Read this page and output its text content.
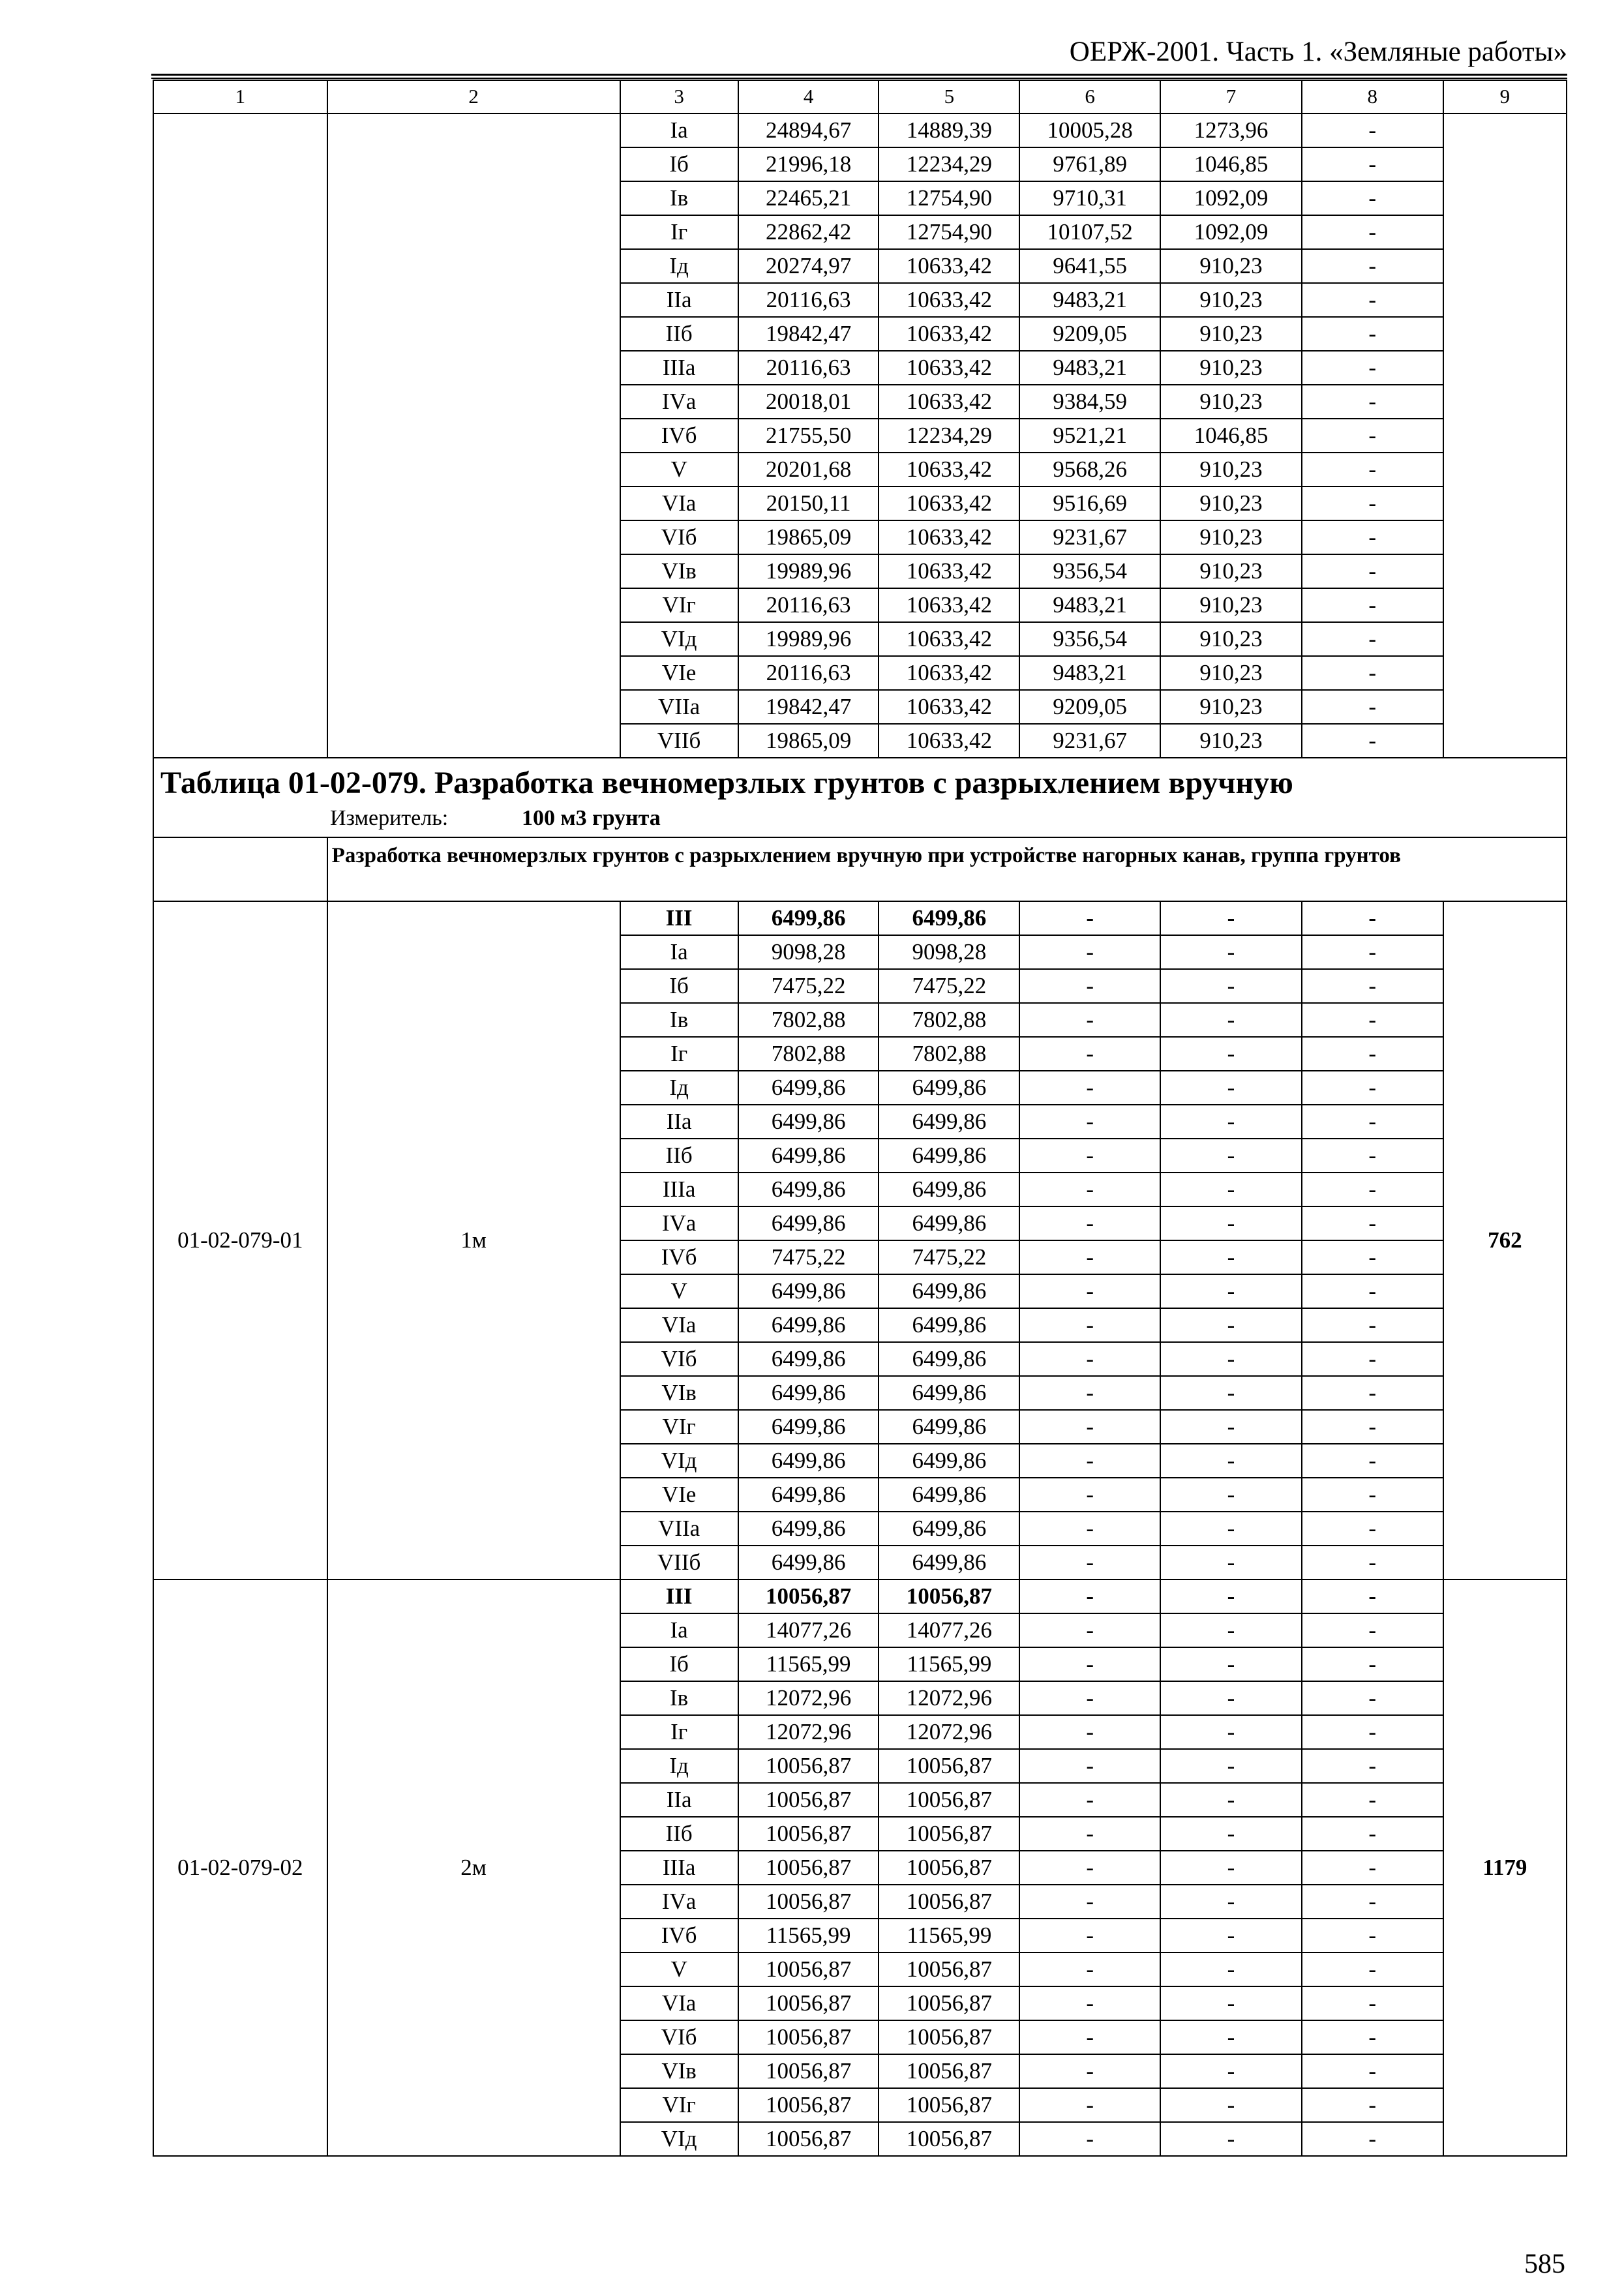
ОЕРЖ-2001. Часть 1. «Земляные работы»
1	2	3	4	5	6	7	8	9
		Iа	24894,67	14889,39	10005,28	1273,96	-	
		Iб	21996,18	12234,29	9761,89	1046,85	-	
		Iв	22465,21	12754,90	9710,31	1092,09	-	
		Iг	22862,42	12754,90	10107,52	1092,09	-	
		Iд	20274,97	10633,42	9641,55	910,23	-	
		IIа	20116,63	10633,42	9483,21	910,23	-	
		IIб	19842,47	10633,42	9209,05	910,23	-	
		IIIа	20116,63	10633,42	9483,21	910,23	-	
		IVа	20018,01	10633,42	9384,59	910,23	-	
		IVб	21755,50	12234,29	9521,21	1046,85	-	
		V	20201,68	10633,42	9568,26	910,23	-	
		VIа	20150,11	10633,42	9516,69	910,23	-	
		VIб	19865,09	10633,42	9231,67	910,23	-	
		VIв	19989,96	10633,42	9356,54	910,23	-	
		VIг	20116,63	10633,42	9483,21	910,23	-	
		VIд	19989,96	10633,42	9356,54	910,23	-	
		VIе	20116,63	10633,42	9483,21	910,23	-	
		VIIа	19842,47	10633,42	9209,05	910,23	-	
		VIIб	19865,09	10633,42	9231,67	910,23	-	

Таблица 01-02-079. Разработка вечномерзлых грунтов с разрыхлением вручную
Измеритель: 100 м3 грунта								

	Разработка вечномерзлых грунтов с разрыхлением вручную при устройстве нагорных канав, группа грунтов							

01-02-079-01	1м	III	6499,86	6499,86	-	-	-	762
		Iа	9098,28	9098,28	-	-	-	
		Iб	7475,22	7475,22	-	-	-	
		Iв	7802,88	7802,88	-	-	-	
		Iг	7802,88	7802,88	-	-	-	
		Iд	6499,86	6499,86	-	-	-	
		IIа	6499,86	6499,86	-	-	-	
		IIб	6499,86	6499,86	-	-	-	
		IIIа	6499,86	6499,86	-	-	-	
		IVа	6499,86	6499,86	-	-	-	
		IVб	7475,22	7475,22	-	-	-	
		V	6499,86	6499,86	-	-	-	
		VIа	6499,86	6499,86	-	-	-	
		VIб	6499,86	6499,86	-	-	-	
		VIв	6499,86	6499,86	-	-	-	
		VIг	6499,86	6499,86	-	-	-	
		VIд	6499,86	6499,86	-	-	-	
		VIе	6499,86	6499,86	-	-	-	
		VIIа	6499,86	6499,86	-	-	-	
		VIIб	6499,86	6499,86	-	-	-	
01-02-079-02	2м	III	10056,87	10056,87	-	-	-	1179
		Iа	14077,26	14077,26	-	-	-	
		Iб	11565,99	11565,99	-	-	-	
		Iв	12072,96	12072,96	-	-	-	
		Iг	12072,96	12072,96	-	-	-	
		Iд	10056,87	10056,87	-	-	-	
		IIа	10056,87	10056,87	-	-	-	
		IIб	10056,87	10056,87	-	-	-	
		IIIа	10056,87	10056,87	-	-	-	
		IVа	10056,87	10056,87	-	-	-	
		IVб	11565,99	11565,99	-	-	-	
		V	10056,87	10056,87	-	-	-	
		VIа	10056,87	10056,87	-	-	-	
		VIб	10056,87	10056,87	-	-	-	
		VIв	10056,87	10056,87	-	-	-	
		VIг	10056,87	10056,87	-	-	-	
		VIд	10056,87	10056,87	-	-	-	
585
